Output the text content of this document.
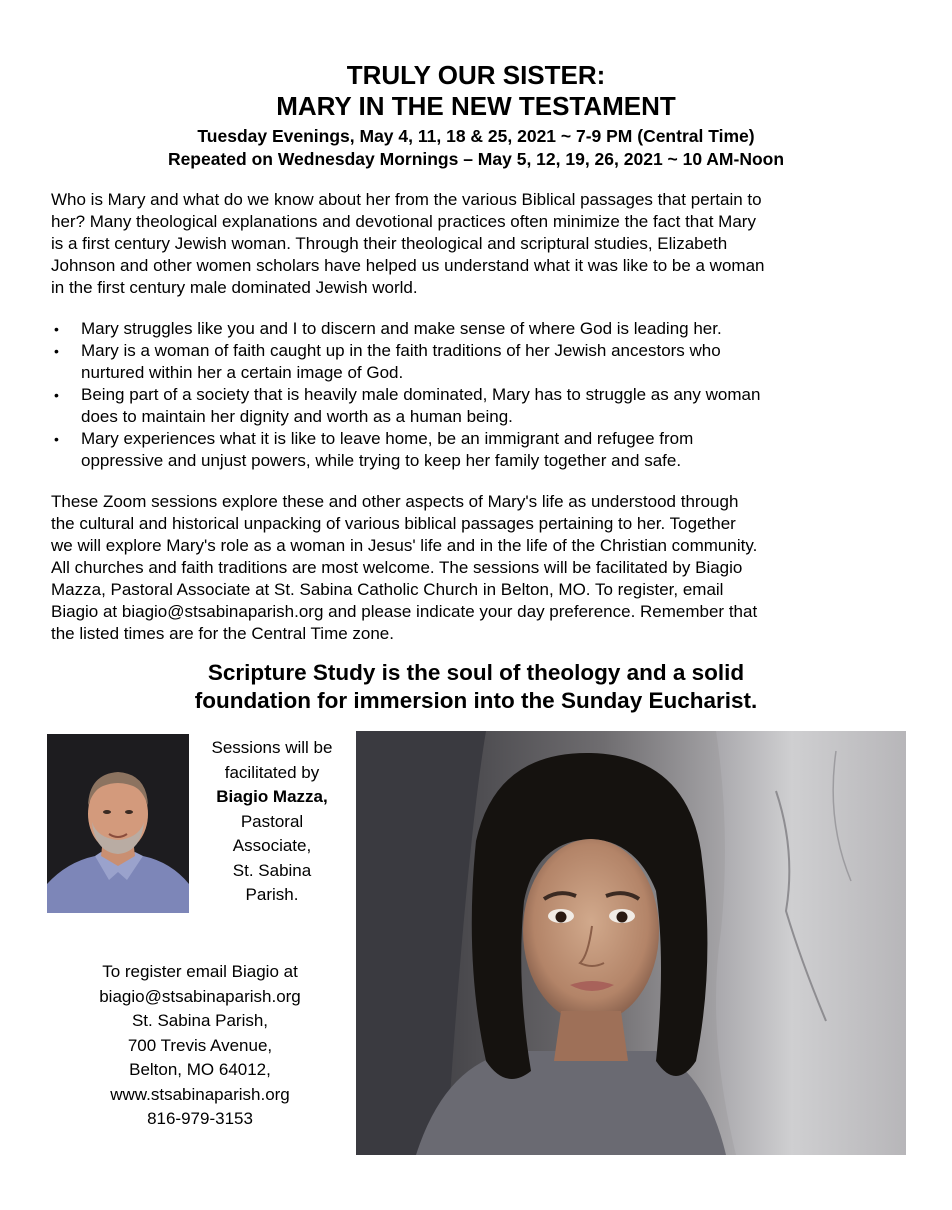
TRULY OUR SISTER:
MARY IN THE NEW TESTAMENT
Tuesday Evenings, May 4, 11, 18 & 25, 2021 ~ 7-9 PM (Central Time)
Repeated on Wednesday Mornings – May 5, 12, 19, 26, 2021 ~ 10 AM-Noon
Who is Mary and what do we know about her from the various Biblical passages that pertain to
her? Many theological explanations and devotional practices often minimize the fact that Mary
is a first century Jewish woman. Through their theological and scriptural studies, Elizabeth
Johnson and other women scholars have helped us understand what it was like to be a woman
in the first century male dominated Jewish world.
• Mary struggles like you and I to discern and make sense of where God is leading her.
• Mary is a woman of faith caught up in the faith traditions of her Jewish ancestors who
nurtured within her a certain image of God.
• Being part of a society that is heavily male dominated, Mary has to struggle as any woman
does to maintain her dignity and worth as a human being.
• Mary experiences what it is like to leave home, be an immigrant and refugee from
oppressive and unjust powers, while trying to keep her family together and safe.
These Zoom sessions explore these and other aspects of Mary's life as understood through
the cultural and historical unpacking of various biblical passages pertaining to her. Together
we will explore Mary's role as a woman in Jesus' life and in the life of the Christian community.
All churches and faith traditions are most welcome. The sessions will be facilitated by Biagio
Mazza, Pastoral Associate at St. Sabina Catholic Church in Belton, MO. To register, email
Biagio at biagio@stsabinaparish.org and please indicate your day preference. Remember that
the listed times are for the Central Time zone.
Scripture Study is the soul of theology and a solid
foundation for immersion into the Sunday Eucharist.
Sessions will be
facilitated by
Biagio Mazza,
Pastoral
Associate,
St. Sabina
Parish.
To register email Biagio at
biagio@stsabinaparish.org
St. Sabina Parish,
700 Trevis Avenue,
Belton, MO 64012,
www.stsabinaparish.org
816-979-3153
